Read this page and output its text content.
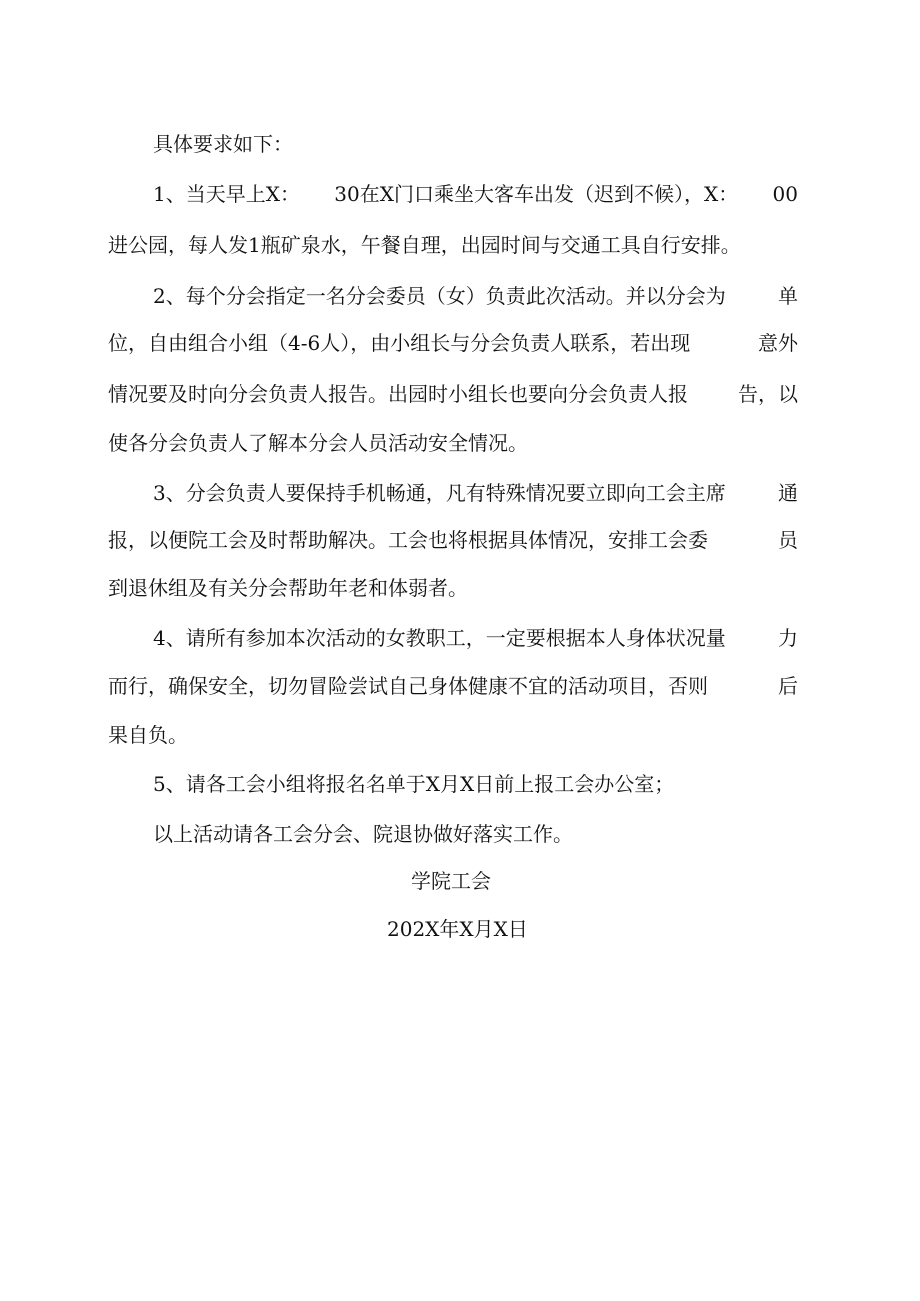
具体要求如下：

1、当天早上X： 30在X门口乘坐大客车出发（迟到不候），X： 00

进公园，每人发1瓶矿泉水，午餐自理，出园时间与交通工具自行安排。

2、每个分会指定一名分会委员（女）负责此次活动。并以分会为	单
位，自由组合小组（4-6人），由小组长与分会负责人联系，若出现	意外
情况要及时向分会负责人报告。出园时小组长也要向分会负责人报	告，以

使各分会负责人了解本分会人员活动安全情况。

3、分会负责人要保持手机畅通，凡有特殊情况要立即向工会主席	通
报，以便院工会及时帮助解决。工会也将根据具体情况，安排工会委	员

到退休组及有关分会帮助年老和体弱者。

4、请所有参加本次活动的女教职工，一定要根据本人身体状况量	力
而行，确保安全，切勿冒险尝试自己身体健康不宜的活动项目，否则	后

果自负。

5、请各工会小组将报名名单于X月X日前上报工会办公室；

以上活动请各工会分会、院退协做好落实工作。

学院工会

202X年X月X日
